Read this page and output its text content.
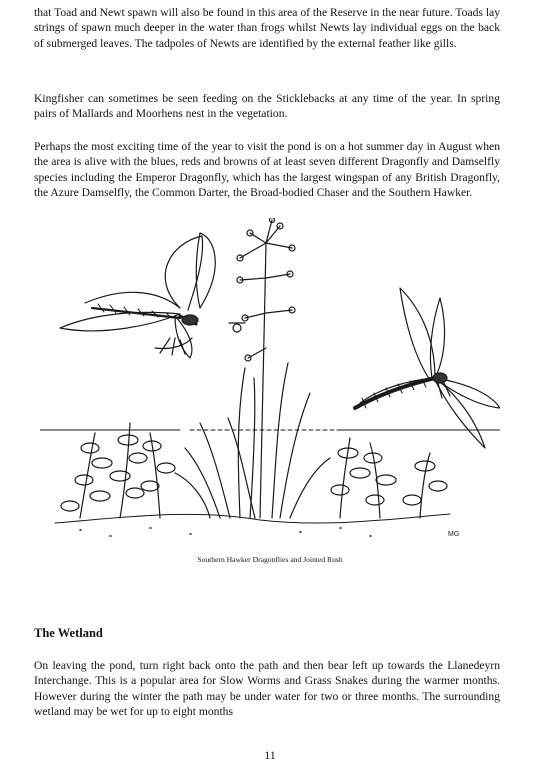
that Toad and Newt spawn will also be found in this area of the Reserve in the near future. Toads lay strings of spawn much deeper in the water than frogs whilst Newts lay individual eggs on the back of submerged leaves. The tadpoles of Newts are identified by the external feather like gills.

Kingfisher can sometimes be seen feeding on the Sticklebacks at any time of the year. In spring pairs of Mallards and Moorhens nest in the vegetation.

Perhaps the most exciting time of the year to visit the pond is on a hot summer day in August when the area is alive with the blues, reds and browns of at least seven different Dragonfly and Damselfly species including the Emperor Dragonfly, which has the largest wingspan of any British Dragonfly, the Azure Damselfly, the Common Darter, the Broad-bodied Chaser and the Southern Hawker.

MG

Southern Hawker Dragonflies and Jointed Rush

The Wetland

On leaving the pond, turn right back onto the path and then bear left up towards the Llanedeyrn Interchange. This is a popular area for Slow Worms and Grass Snakes during the warmer months. However during the winter the path may be under water for two or three months. The surrounding wetland may be wet for up to eight months

11
